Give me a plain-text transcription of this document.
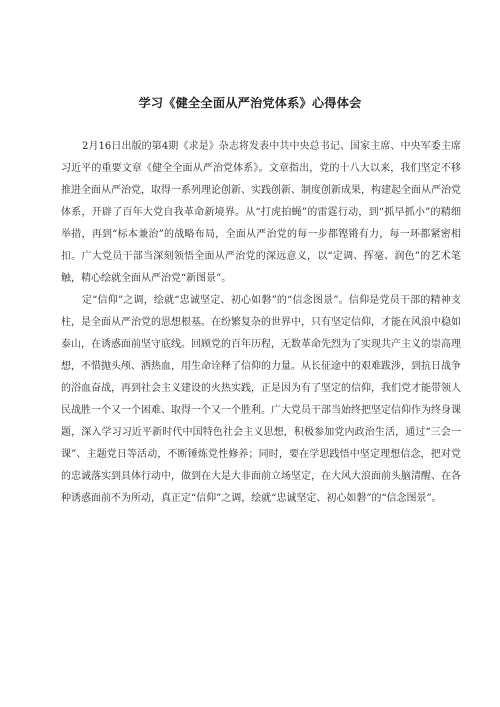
学习《健全全面从严治党体系》心得体会

2月16日出版的第4期《求是》杂志将发表中共中央总书记、国家主席、中央军委主席习近平的重要文章《健全全面从严治党体系》。文章指出，党的十八大以来，我们坚定不移推进全面从严治党，取得一系列理论创新、实践创新、制度创新成果，构建起全面从严治党体系，开辟了百年大党自我革命新境界。从“打虎拍蝇”的雷霆行动，到“抓早抓小”的精细举措，再到“标本兼治”的战略布局，全面从严治党的每一步都铿锵有力，每一环都紧密相扣。广大党员干部当深刻领悟全面从严治党的深远意义，以“定调、挥毫、润色”的艺术笔触，精心绘就全面从严治党“新图景”。

定“信仰”之调，绘就“忠诚坚定、初心如磐”的“信念图景”。信仰是党员干部的精神支柱，是全面从严治党的思想根基。在纷繁复杂的世界中，只有坚定信仰，才能在风浪中稳如泰山，在诱惑面前坚守底线。回顾党的百年历程，无数革命先烈为了实现共产主义的崇高理想，不惜抛头颅、洒热血，用生命诠释了信仰的力量。从长征途中的艰难跋涉，到抗日战争的浴血奋战，再到社会主义建设的火热实践，正是因为有了坚定的信仰，我们党才能带领人民战胜一个又一个困难、取得一个又一个胜利。广大党员干部当始终把坚定信仰作为终身课题，深入学习习近平新时代中国特色社会主义思想，积极参加党内政治生活，通过“三会一课”、主题党日等活动，不断锤炼党性修养；同时，要在学思践悟中坚定理想信念，把对党的忠诚落实到具体行动中，做到在大是大非面前立场坚定，在大风大浪面前头脑清醒、在各种诱惑面前不为所动，真正定“信仰”之调，绘就“忠诚坚定、初心如磐”的“信念图景”。
